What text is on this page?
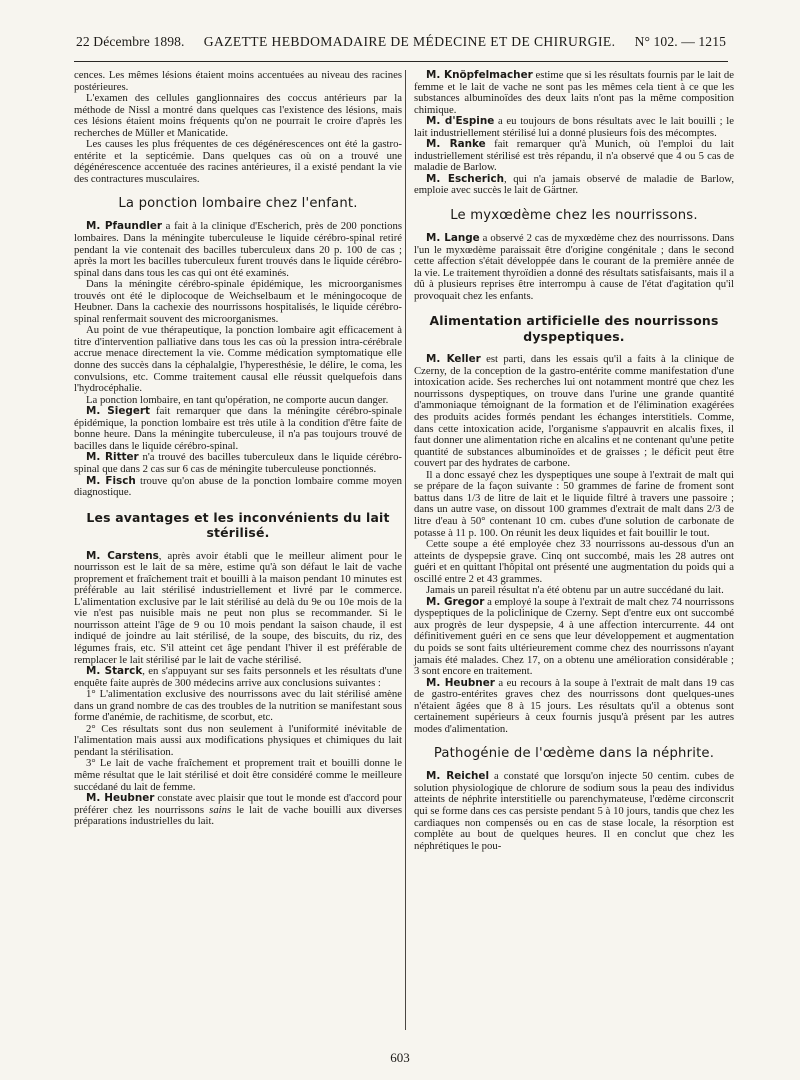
22 Décembre 1898. GAZETTE HEBDOMADAIRE DE MÉDECINE ET DE CHIRURGIE. N° 102. — 1215

cences. Les mêmes lésions étaient moins accentuées au niveau des racines postérieures.

L'examen des cellules ganglionnaires des coccus antérieurs par la méthode de Nissl a montré dans quelques cas l'existence des lésions, mais ces lésions étaient moins fréquents qu'on ne pourrait le croire d'après les recherches de Müller et Manicatide.

Les causes les plus fréquentes de ces dégénérescences ont été la gastro-entérite et la septicémie. Dans quelques cas où on a trouvé une dégénérescence accentuée des racines antérieures, il a existé pendant la vie des contractures musculaires.

La ponction lombaire chez l'enfant.

M. Pfaundler a fait à la clinique d'Escherich, près de 200 ponctions lombaires. Dans la méningite tuberculeuse le liquide cérébro-spinal retiré pendant la vie contenait des bacilles tuberculeux dans 20 p. 100 de cas ; après la mort les bacilles tuberculeux furent trouvés dans le liquide cérébro-spinal dans dans tous les cas qui ont été examinés.

Dans la méningite cérébro-spinale épidémique, les microorganismes trouvés ont été le diplocoque de Weichselbaum et le méningocoque de Heubner. Dans la cachexie des nourrissons hospitalisés, le liquide cérébro-spinal renfermait souvent des microorganismes.

Au point de vue thérapeutique, la ponction lombaire agit efficacement à titre d'intervention palliative dans tous les cas où la pression intra-cérébrale accrue menace directement la vie. Comme médication symptomatique elle donne des succès dans la céphalalgie, l'hyperesthésie, le délire, le coma, les convulsions, etc. Comme traitement causal elle réussit quelquefois dans l'hydrocéphalie.

La ponction lombaire, en tant qu'opération, ne comporte aucun danger.

M. Siegert fait remarquer que dans la méningite cérébro-spinale épidémique, la ponction lombaire est très utile à la condition d'être faite de bonne heure. Dans la méningite tuberculeuse, il n'a pas toujours trouvé de bacilles dans le liquide cérébro-spinal.

M. Ritter n'a trouvé des bacilles tuberculeux dans le liquide cérébro-spinal que dans 2 cas sur 6 cas de méningite tuberculeuse ponctionnés.

M. Fisch trouve qu'on abuse de la ponction lombaire comme moyen diagnostique.

Les avantages et les inconvénients du lait stérilisé.

M. Carstens, après avoir établi que le meilleur aliment pour le nourrisson est le lait de sa mère, estime qu'à son défaut le lait de vache proprement et fraîchement trait et bouilli à la maison pendant 10 minutes est préférable au lait stérilisé industriellement et livré par le commerce. L'alimentation exclusive par le lait stérilisé au delà du 9e ou 10e mois de la vie n'est pas nuisible mais ne peut non plus se recommander. Si le nourrisson atteint l'âge de 9 ou 10 mois pendant la saison chaude, il est indiqué de joindre au lait stérilisé, de la soupe, des biscuits, du riz, des légumes frais, etc. S'il atteint cet âge pendant l'hiver il est préférable de remplacer le lait stérilisé par le lait de vache stérilisé.

M. Starck, en s'appuyant sur ses faits personnels et les résultats d'une enquête faite auprès de 300 médecins arrive aux conclusions suivantes :

1° L'alimentation exclusive des nourrissons avec du lait stérilisé amène dans un grand nombre de cas des troubles de la nutrition se manifestant sous forme d'anémie, de rachitisme, de scorbut, etc.

2° Ces résultats sont dus non seulement à l'uniformité inévitable de l'alimentation mais aussi aux modifications physiques et chimiques du lait pendant la stérilisation.

3° Le lait de vache fraîchement et proprement trait et bouilli donne le même résultat que le lait stérilisé et doit être considéré comme le meilleure succédané du lait de femme.

M. Heubner constate avec plaisir que tout le monde est d'accord pour préférer chez les nourrissons sains le lait de vache bouilli aux diverses préparations industrielles du lait.

M. Knöpfelmacher estime que si les résultats fournis par le lait de femme et le lait de vache ne sont pas les mêmes cela tient à ce que les substances albuminoïdes des deux laits n'ont pas la même composition chimique.

M. d'Espine a eu toujours de bons résultats avec le lait bouilli ; le lait industriellement stérilisé lui a donné plusieurs fois des mécomptes.

M. Ranke fait remarquer qu'à Munich, où l'emploi du lait industriellement stérilisé est très répandu, il n'a observé que 4 ou 5 cas de maladie de Barlow.

M. Escherich, qui n'a jamais observé de maladie de Barlow, emploie avec succès le lait de Gärtner.

Le myxœdème chez les nourrissons.

M. Lange a observé 2 cas de myxœdème chez des nourrissons. Dans l'un le myxœdème paraissait être d'origine congénitale ; dans le second cette affection s'était développée dans le courant de la première année de la vie. Le traitement thyroïdien a donné des résultats satisfaisants, mais il a dû à plusieurs reprises être interrompu à cause de l'état d'agitation qu'il provoquait chez les enfants.

Alimentation artificielle des nourrissons dyspeptiques.

M. Keller est parti, dans les essais qu'il a faits à la clinique de Czerny, de la conception de la gastro-entérite comme manifestation d'une intoxication acide. Ses recherches lui ont notamment montré que chez les nourrissons dyspeptiques, on trouve dans l'urine une grande quantité d'ammoniaque témoignant de la formation et de l'élimination exagérées des produits acides formés pendant les échanges interstitiels. Comme, dans cette intoxication acide, l'organisme s'appauvrit en alcalis fixes, il faut donner une alimentation riche en alcalins et ne contenant qu'une petite quantité de substances albuminoïdes et de graisses ; le déficit peut être couvert par des hydrates de carbone.

Il a donc essayé chez les dyspeptiques une soupe à l'extrait de malt qui se prépare de la façon suivante : 50 grammes de farine de froment sont battus dans 1/3 de litre de lait et le liquide filtré à travers une passoire ; dans un autre vase, on dissout 100 grammes d'extrait de malt dans 2/3 de litre d'eau à 50° contenant 10 cm. cubes d'une solution de carbonate de potasse à 11 p. 100. On réunit les deux liquides et fait bouillir le tout.

Cette soupe a été employée chez 33 nourrissons au-dessous d'un an atteints de dyspepsie grave. Cinq ont succombé, mais les 28 autres ont guéri et en quittant l'hôpital ont présenté une augmentation du poids qui a oscillé entre 2 et 43 grammes.

Jamais un pareil résultat n'a été obtenu par un autre succédané du lait.

M. Gregor a employé la soupe à l'extrait de malt chez 74 nourrissons dyspeptiques de la policlinique de Czerny. Sept d'entre eux ont succombé aux progrès de leur dyspepsie, 4 à une affection intercurrente. 44 ont définitivement guéri en ce sens que leur développement et augmentation du poids se sont faits ultérieurement comme chez des nourrissons n'ayant jamais été malades. Chez 17, on a obtenu une amélioration considérable ; 3 sont encore en traitement.

M. Heubner a eu recours à la soupe à l'extrait de malt dans 19 cas de gastro-entérites graves chez des nourrissons dont quelques-unes n'étaient âgées que 8 à 15 jours. Les résultats qu'il a obtenus sont certainement supérieurs à ceux fournis jusqu'à présent par les autres modes d'alimentation.

Pathogénie de l'œdème dans la néphrite.

M. Reichel a constaté que lorsqu'on injecte 50 centim. cubes de solution physiologique de chlorure de sodium sous la peau des individus atteints de néphrite interstitielle ou parenchymateuse, l'œdème circonscrit qui se forme dans ces cas persiste pendant 5 à 10 jours, tandis que chez les cardiaques non compensés ou en cas de stase locale, la résorption est complète au bout de quelques heures. Il en conclut que chez les néphrétiques le pou-

603
